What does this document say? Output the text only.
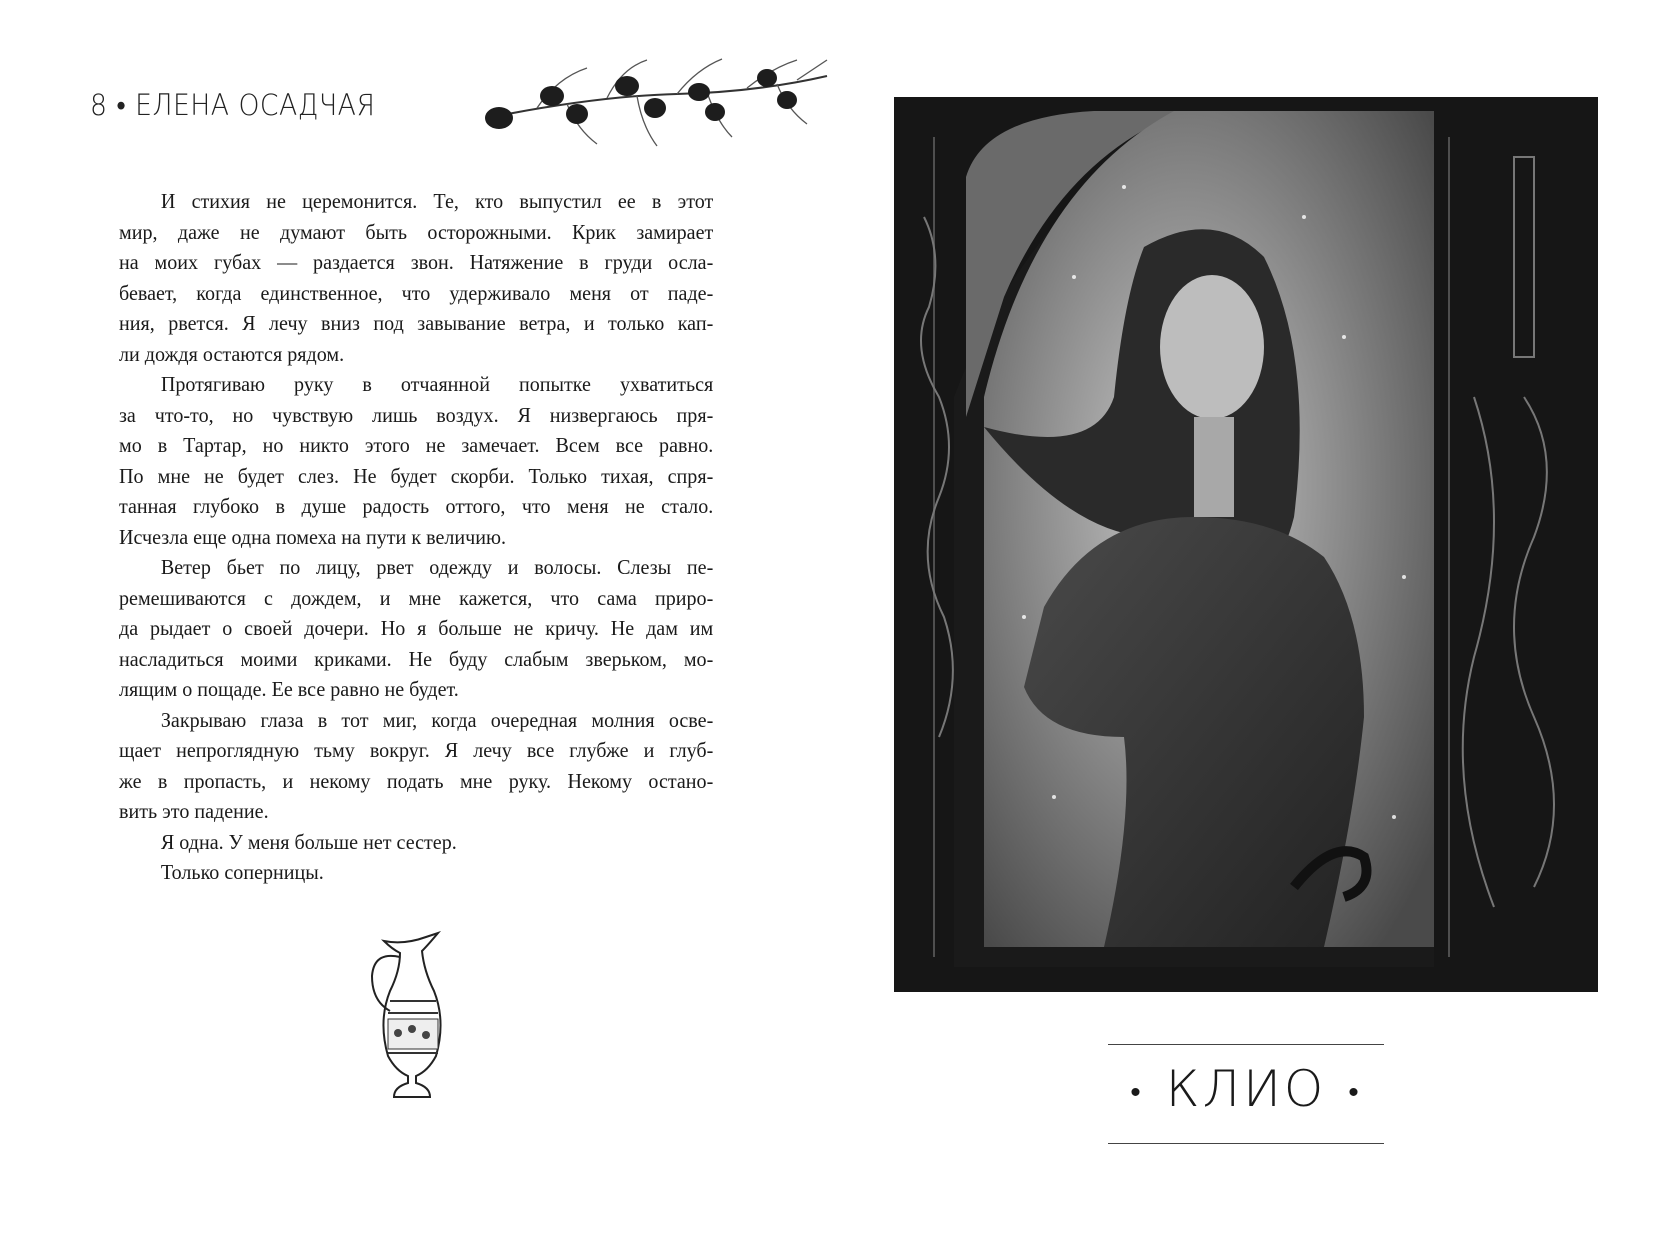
8 • ЕЛЕНА ОСАДЧАЯ
И стихия не церемонится. Те, кто выпустил ее в этот
мир, даже не думают быть осторожными. Крик замирает
на моих губах — раздается звон. Натяжение в груди осла-
бевает, когда единственное, что удерживало меня от паде-
ния, рвется. Я лечу вниз под завывание ветра, и только кап-
ли дождя остаются рядом.
Протягиваю руку в отчаянной попытке ухватиться
за что-то, но чувствую лишь воздух. Я низвергаюсь пря-
мо в Тартар, но никто этого не замечает. Всем все равно.
По мне не будет слез. Не будет скорби. Только тихая, спря-
танная глубоко в душе радость оттого, что меня не стало.
Исчезла еще одна помеха на пути к величию.
Ветер бьет по лицу, рвет одежду и волосы. Слезы пе-
ремешиваются с дождем, и мне кажется, что сама приро-
да рыдает о своей дочери. Но я больше не кричу. Не дам им
насладиться моими криками. Не буду слабым зверьком, мо-
лящим о пощаде. Ее все равно не будет.
Закрываю глаза в тот миг, когда очередная молния осве-
щает непроглядную тьму вокруг. Я лечу все глубже и глуб-
же в пропасть, и некому подать мне руку. Некому остано-
вить это падение.
Я одна. У меня больше нет сестер.
Только соперницы.
• КЛИО •
